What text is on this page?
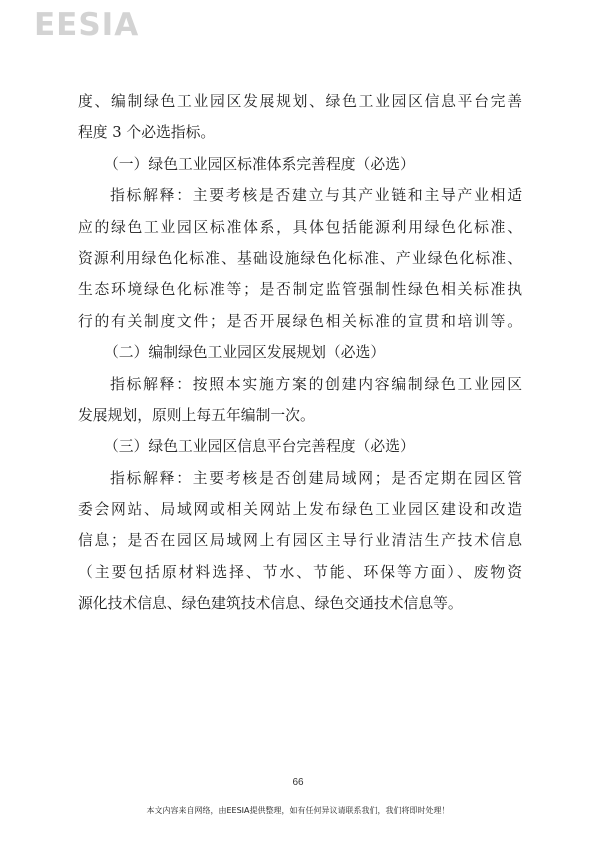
EESIA
度、编制绿色工业园区发展规划、绿色工业园区信息平台完善
程度 3 个必选指标。
（一）绿色工业园区标准体系完善程度（必选）
指标解释：主要考核是否建立与其产业链和主导产业相适
应的绿色工业园区标准体系，具体包括能源利用绿色化标准、
资源利用绿色化标准、基础设施绿色化标准、产业绿色化标准、
生态环境绿色化标准等；是否制定监管强制性绿色相关标准执
行的有关制度文件；是否开展绿色相关标准的宣贯和培训等。
（二）编制绿色工业园区发展规划（必选）
指标解释：按照本实施方案的创建内容编制绿色工业园区
发展规划，原则上每五年编制一次。
（三）绿色工业园区信息平台完善程度（必选）
指标解释：主要考核是否创建局域网；是否定期在园区管
委会网站、局域网或相关网站上发布绿色工业园区建设和改造
信息；是否在园区局域网上有园区主导行业清洁生产技术信息
（主要包括原材料选择、节水、节能、环保等方面）、废物资
源化技术信息、绿色建筑技术信息、绿色交通技术信息等。
66
本文内容来自网络，由EESIA提供整理，如有任何异议请联系我们，我们将即时处理！
